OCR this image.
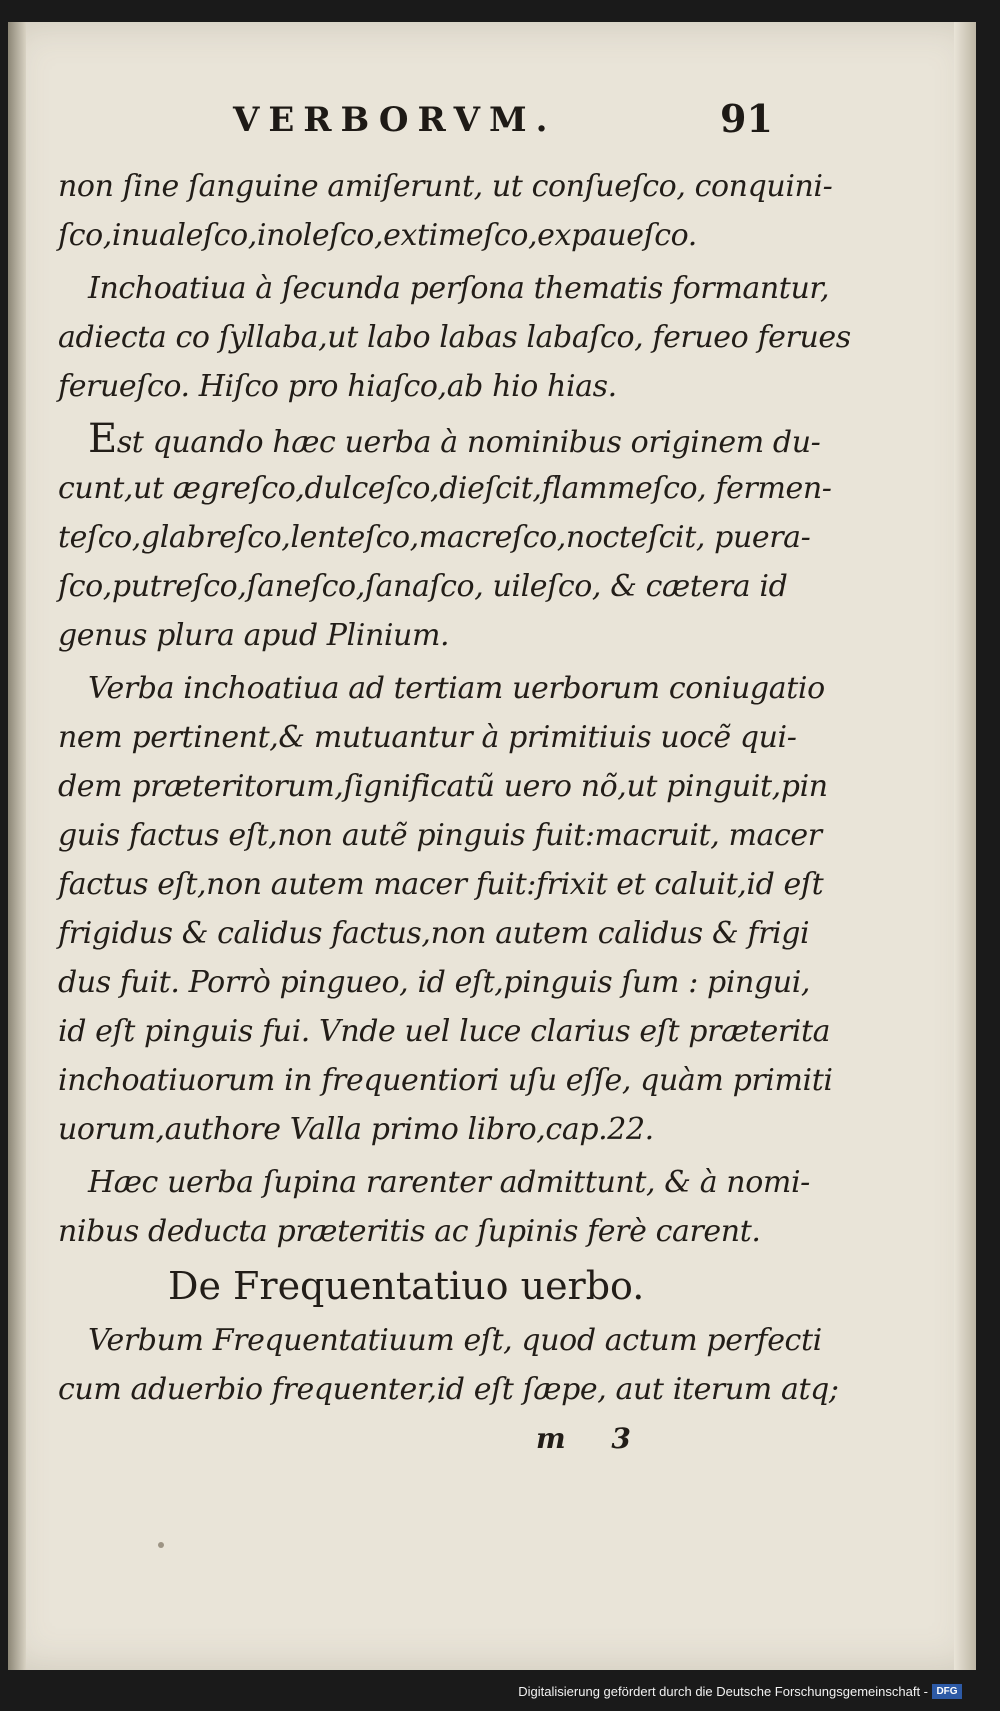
VERBORVM.	91
non ſine ſanguine amiſerunt, ut conſueſco, conquini-
ſco,inualeſco,inoleſco,extimeſco,expaueſco.
Inchoatiua à ſecunda perſona thematis formantur,
adiecta co ſyllaba,ut labo labas labaſco, ferueo ferues
ferueſco. Hiſco pro hiaſco,ab hio hias.
Est quando hæc uerba à nominibus originem du-
cunt,ut ægreſco,dulceſco,dieſcit,flammeſco, fermen-
teſco,glabreſco,lenteſco,macreſco,nocteſcit, puera-
ſco,putreſco,ſaneſco,ſanaſco, uileſco, & cætera id
genus plura apud Plinium.
Verba inchoatiua ad tertiam uerborum coniugatio
nem pertinent,& mutuantur à primitiuis uocẽ qui-
dem præteritorum,ſignificatũ uero nõ,ut pinguit,pin
guis factus eſt,non autẽ pinguis fuit:macruit, macer
factus eſt,non autem macer fuit:frixit et caluit,id eſt
frigidus & calidus factus,non autem calidus & frigi
dus fuit. Porrò pingueo, id eſt,pinguis ſum : pingui,
id eſt pinguis fui. Vnde uel luce clarius eſt præterita
inchoatiuorum in frequentiori uſu eſſe, quàm primiti
uorum,authore Valla primo libro,cap.22.
Hæc uerba ſupina rarenter admittunt, & à nomi-
nibus deducta præteritis ac ſupinis ferè carent.
De Frequentatiuo uerbo.
Verbum Frequentatiuum eſt, quod actum perfecti
cum aduerbio frequenter,id eſt ſæpe, aut iterum atq;
m 3
Digitalisierung gefördert durch die Deutsche Forschungsgemeinschaft - DFG
